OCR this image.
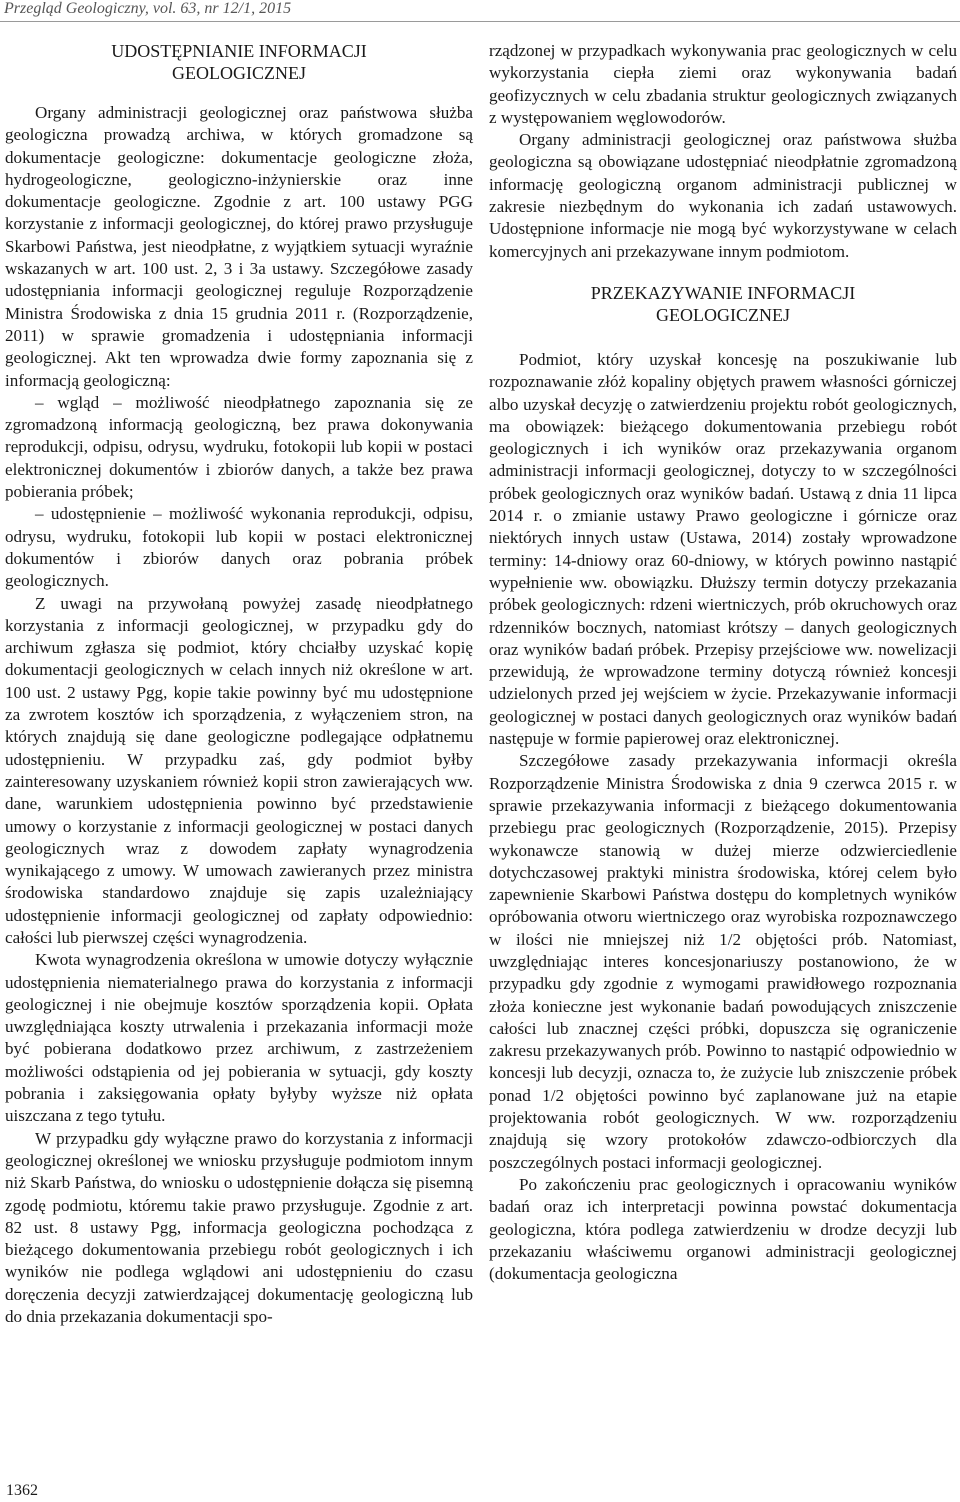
Przegląd Geologiczny, vol. 63, nr 12/1, 2015
UDOSTĘPNIANIE INFORMACJI
GEOLOGICZNEJ

Organy administracji geologicznej oraz państwowa służba geologiczna prowadzą archiwa, w których gromadzone są dokumentacje geologiczne: dokumentacje geologiczne złoża, hydrogeologiczne, geologiczno-inżynierskie oraz inne dokumentacje geologiczne. Zgodnie z art. 100 ustawy PGG korzystanie z informacji geologicznej, do której prawo przysługuje Skarbowi Państwa, jest nieodpłatne, z wyjątkiem sytuacji wyraźnie wskazanych w art. 100 ust. 2, 3 i 3a ustawy. Szczegółowe zasady udostępniania informacji geologicznej reguluje Rozporządzenie Ministra Środowiska z dnia 15 grudnia 2011 r. (Rozporządzenie, 2011) w sprawie gromadzenia i udostępniania informacji geologicznej. Akt ten wprowadza dwie formy zapoznania się z informacją geologiczną:

– wgląd – możliwość nieodpłatnego zapoznania się ze zgromadzoną informacją geologiczną, bez prawa dokonywania reprodukcji, odpisu, odrysu, wydruku, fotokopii lub kopii w postaci elektronicznej dokumentów i zbiorów danych, a także bez prawa pobierania próbek;

– udostępnienie – możliwość wykonania reprodukcji, odpisu, odrysu, wydruku, fotokopii lub kopii w postaci elektronicznej dokumentów i zbiorów danych oraz pobrania próbek geologicznych.

Z uwagi na przywołaną powyżej zasadę nieodpłatnego korzystania z informacji geologicznej, w przypadku gdy do archiwum zgłasza się podmiot, który chciałby uzyskać kopię dokumentacji geologicznych w celach innych niż określone w art. 100 ust. 2 ustawy Pgg, kopie takie powinny być mu udostępnione za zwrotem kosztów ich sporządzenia, z wyłączeniem stron, na których znajdują się dane geologiczne podlegające odpłatnemu udostępnieniu. W przypadku zaś, gdy podmiot byłby zainteresowany uzyskaniem również kopii stron zawierających ww. dane, warunkiem udostępnienia powinno być przedstawienie umowy o korzystanie z informacji geologicznej w postaci danych geologicznych wraz z dowodem zapłaty wynagrodzenia wynikającego z umowy. W umowach zawieranych przez ministra środowiska standardowo znajduje się zapis uzależniający udostępnienie informacji geologicznej od zapłaty odpowiednio: całości lub pierwszej części wynagrodzenia.

Kwota wynagrodzenia określona w umowie dotyczy wyłącznie udostępnienia niematerialnego prawa do korzystania z informacji geologicznej i nie obejmuje kosztów sporządzenia kopii. Opłata uwzględniająca koszty utrwalenia i przekazania informacji może być pobierana dodatkowo przez archiwum, z zastrzeżeniem możliwości odstąpienia od jej pobierania w sytuacji, gdy koszty pobrania i zaksięgowania opłaty byłyby wyższe niż opłata uiszczana z tego tytułu.

W przypadku gdy wyłączne prawo do korzystania z informacji geologicznej określonej we wniosku przysługuje podmiotom innym niż Skarb Państwa, do wniosku o udostępnienie dołącza się pisemną zgodę podmiotu, któremu takie prawo przysługuje. Zgodnie z art. 82 ust. 8 ustawy Pgg, informacja geologiczna pochodząca z bieżącego dokumentowania przebiegu robót geologicznych i ich wyników nie podlega wglądowi ani udostępnieniu do czasu doręczenia decyzji zatwierdzającej dokumentację geologiczną lub do dnia przekazania dokumentacji spo-

rządzonej w przypadkach wykonywania prac geologicznych w celu wykorzystania ciepła ziemi oraz wykonywania badań geofizycznych w celu zbadania struktur geologicznych związanych z występowaniem węglowodorów.

Organy administracji geologicznej oraz państwowa służba geologiczna są obowiązane udostępniać nieodpłatnie zgromadzoną informację geologiczną organom administracji publicznej w zakresie niezbędnym do wykonania ich zadań ustawowych. Udostępnione informacje nie mogą być wykorzystywane w celach komercyjnych ani przekazywane innym podmiotom.

PRZEKAZYWANIE INFORMACJI
GEOLOGICZNEJ

Podmiot, który uzyskał koncesję na poszukiwanie lub rozpoznawanie złóż kopaliny objętych prawem własności górniczej albo uzyskał decyzję o zatwierdzeniu projektu robót geologicznych, ma obowiązek: bieżącego dokumentowania przebiegu robót geologicznych i ich wyników oraz przekazywania organom administracji informacji geologicznej, dotyczy to w szczególności próbek geologicznych oraz wyników badań. Ustawą z dnia 11 lipca 2014 r. o zmianie ustawy Prawo geologiczne i górnicze oraz niektórych innych ustaw (Ustawa, 2014) zostały wprowadzone terminy: 14-dniowy oraz 60-dniowy, w których powinno nastąpić wypełnienie ww. obowiązku. Dłuższy termin dotyczy przekazania próbek geologicznych: rdzeni wiertniczych, prób okruchowych oraz rdzenników bocznych, natomiast krótszy – danych geologicznych oraz wyników badań próbek. Przepisy przejściowe ww. nowelizacji przewidują, że wprowadzone terminy dotyczą również koncesji udzielonych przed jej wejściem w życie. Przekazywanie informacji geologicznej w postaci danych geologicznych oraz wyników badań następuje w formie papierowej oraz elektronicznej.

Szczegółowe zasady przekazywania informacji określa Rozporządzenie Ministra Środowiska z dnia 9 czerwca 2015 r. w sprawie przekazywania informacji z bieżącego dokumentowania przebiegu prac geologicznych (Rozporządzenie, 2015). Przepisy wykonawcze stanowią w dużej mierze odzwierciedlenie dotychczasowej praktyki ministra środowiska, której celem było zapewnienie Skarbowi Państwa dostępu do kompletnych wyników opróbowania otworu wiertniczego oraz wyrobiska rozpoznawczego w ilości nie mniejszej niż 1/2 objętości prób. Natomiast, uwzględniając interes koncesjonariuszy postanowiono, że w przypadku gdy zgodnie z wymogami prawidłowego rozpoznania złoża konieczne jest wykonanie badań powodujących zniszczenie całości lub znacznej części próbki, dopuszcza się ograniczenie zakresu przekazywanych prób. Powinno to nastąpić odpowiednio w koncesji lub decyzji, oznacza to, że zużycie lub zniszczenie próbek ponad 1/2 objętości powinno być zaplanowane już na etapie projektowania robót geologicznych. W ww. rozporządzeniu znajdują się wzory protokołów zdawczo-odbiorczych dla poszczególnych postaci informacji geologicznej.

Po zakończeniu prac geologicznych i opracowaniu wyników badań oraz ich interpretacji powinna powstać dokumentacja geologiczna, która podlega zatwierdzeniu w drodze decyzji lub przekazaniu właściwemu organowi administracji geologicznej (dokumentacja geologiczna

1362
